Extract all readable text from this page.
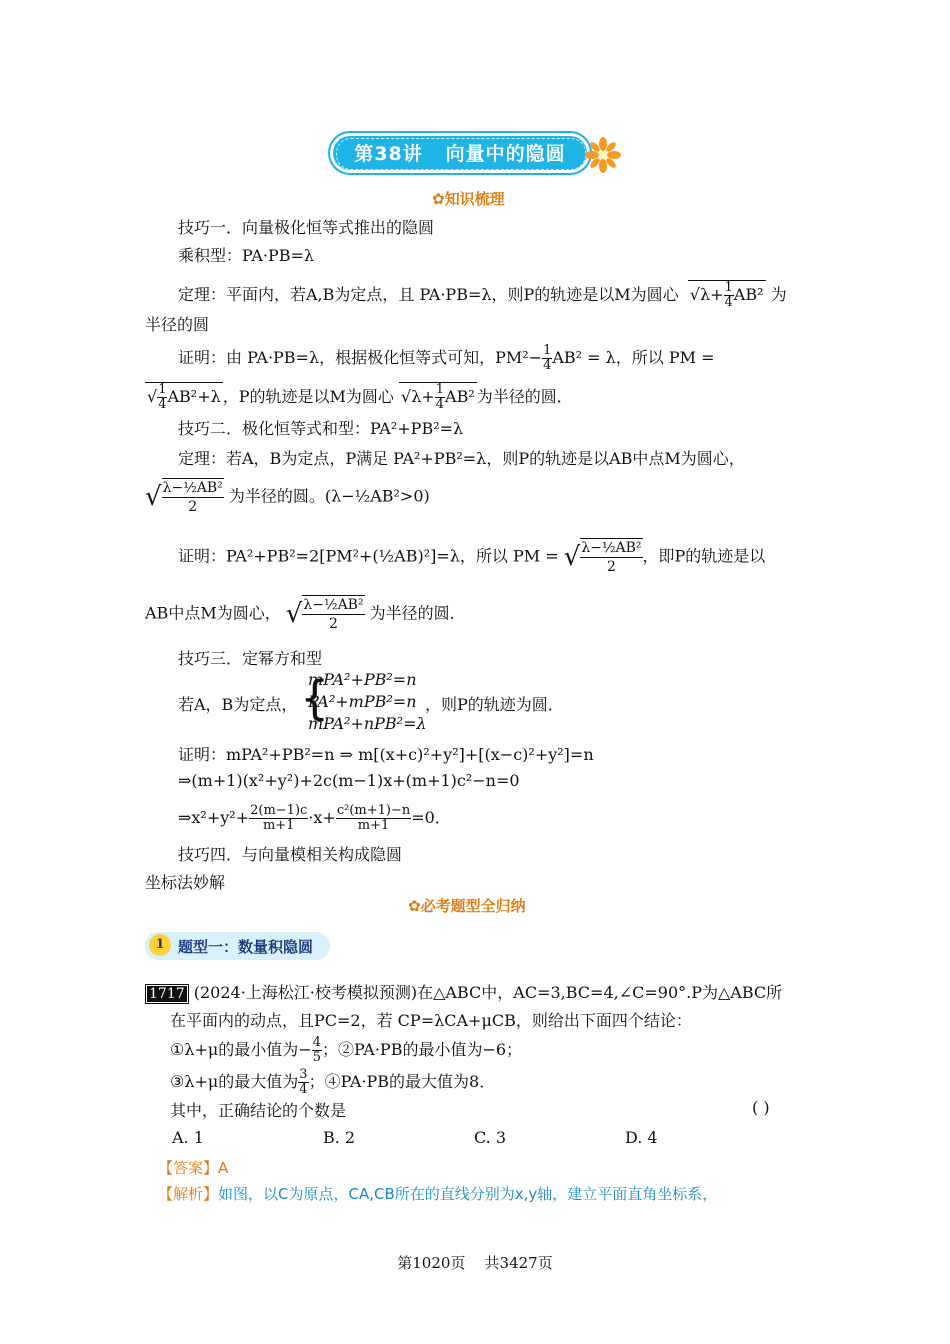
第38讲 向量中的隐圆
✿知识梳理
技巧一．向量极化恒等式推出的隐圆
乘积型：PA·PB=λ
定理：平面内，若A,B为定点，且 PA·PB=λ，则P的轨迹是以M为圆心 $√\lambda+ \frac{1}{4} AB^2$ 为
半径的圆
证明：由 PA·PB=λ，根据极化恒等式可知，$PM^2- \frac{1}{4} AB^2 = \lambda$，所以 PM =
√ $\frac{1}{4} AB^2+\lambda$ ，P的轨迹是以M为圆心 $√\lambda+ \frac{1}{4} AB^2$ 为半径的圆．
技巧二．极化恒等式和型：PA²+PB²=λ
定理：若A，B为定点，P满足 PA²+PB²=λ，则P的轨迹是以AB中点M为圆心，
√ $\frac{\text{λ−½AB²}}{2}$ 为半径的圆。(λ−½AB²>0)
证明：PA²+PB²=2[PM²+(½AB)²]=λ，所以 PM = √ $\frac{\text{λ−½AB²}}{2}$ ，即P的轨迹是以
AB中点M为圆心， √ $\frac{\text{λ−½AB²}}{2}$ 为半径的圆．
技巧三．定幂方和型
若A，B为定点， {
mPA²+PB²=n
PA²+mPB²=n
mPA²+nPB²=λ
，则P的轨迹为圆．
证明：mPA²+PB²=n ⇒ m[(x+c)²+y²]+[(x−c)²+y²]=n
⇒(m+1)(x²+y²)+2c(m−1)x+(m+1)c²−n=0
⇒x²+y²+ $\frac{2(m-1)c}{m+1} \cdot x+ \frac{\text{c²(m+1)−n}}{m+1} =0$．
技巧四．与向量模相关构成隐圆
坐标法妙解
✿必考题型全归纳
1 题型一：数量积隐圆
1717 (2024·上海松江·校考模拟预测)在△ABC中，AC=3,BC=4,∠C=90°.P为△ABC所
在平面内的动点，且PC=2，若 CP=λCA+μCB，则给出下面四个结论：
①λ+μ的最小值为− $\frac{4}{5}$ ；②PA·PB的最小值为−6；
③λ+μ的最大值为 $\frac{3}{4}$ ；④PA·PB的最大值为8．
其中，正确结论的个数是	( )
A. 1	B. 2	C. 3	D. 4
【答案】A
【解析】如图，以C为原点，CA,CB所在的直线分别为x,y轴，建立平面直角坐标系，
第1020页 共3427页
